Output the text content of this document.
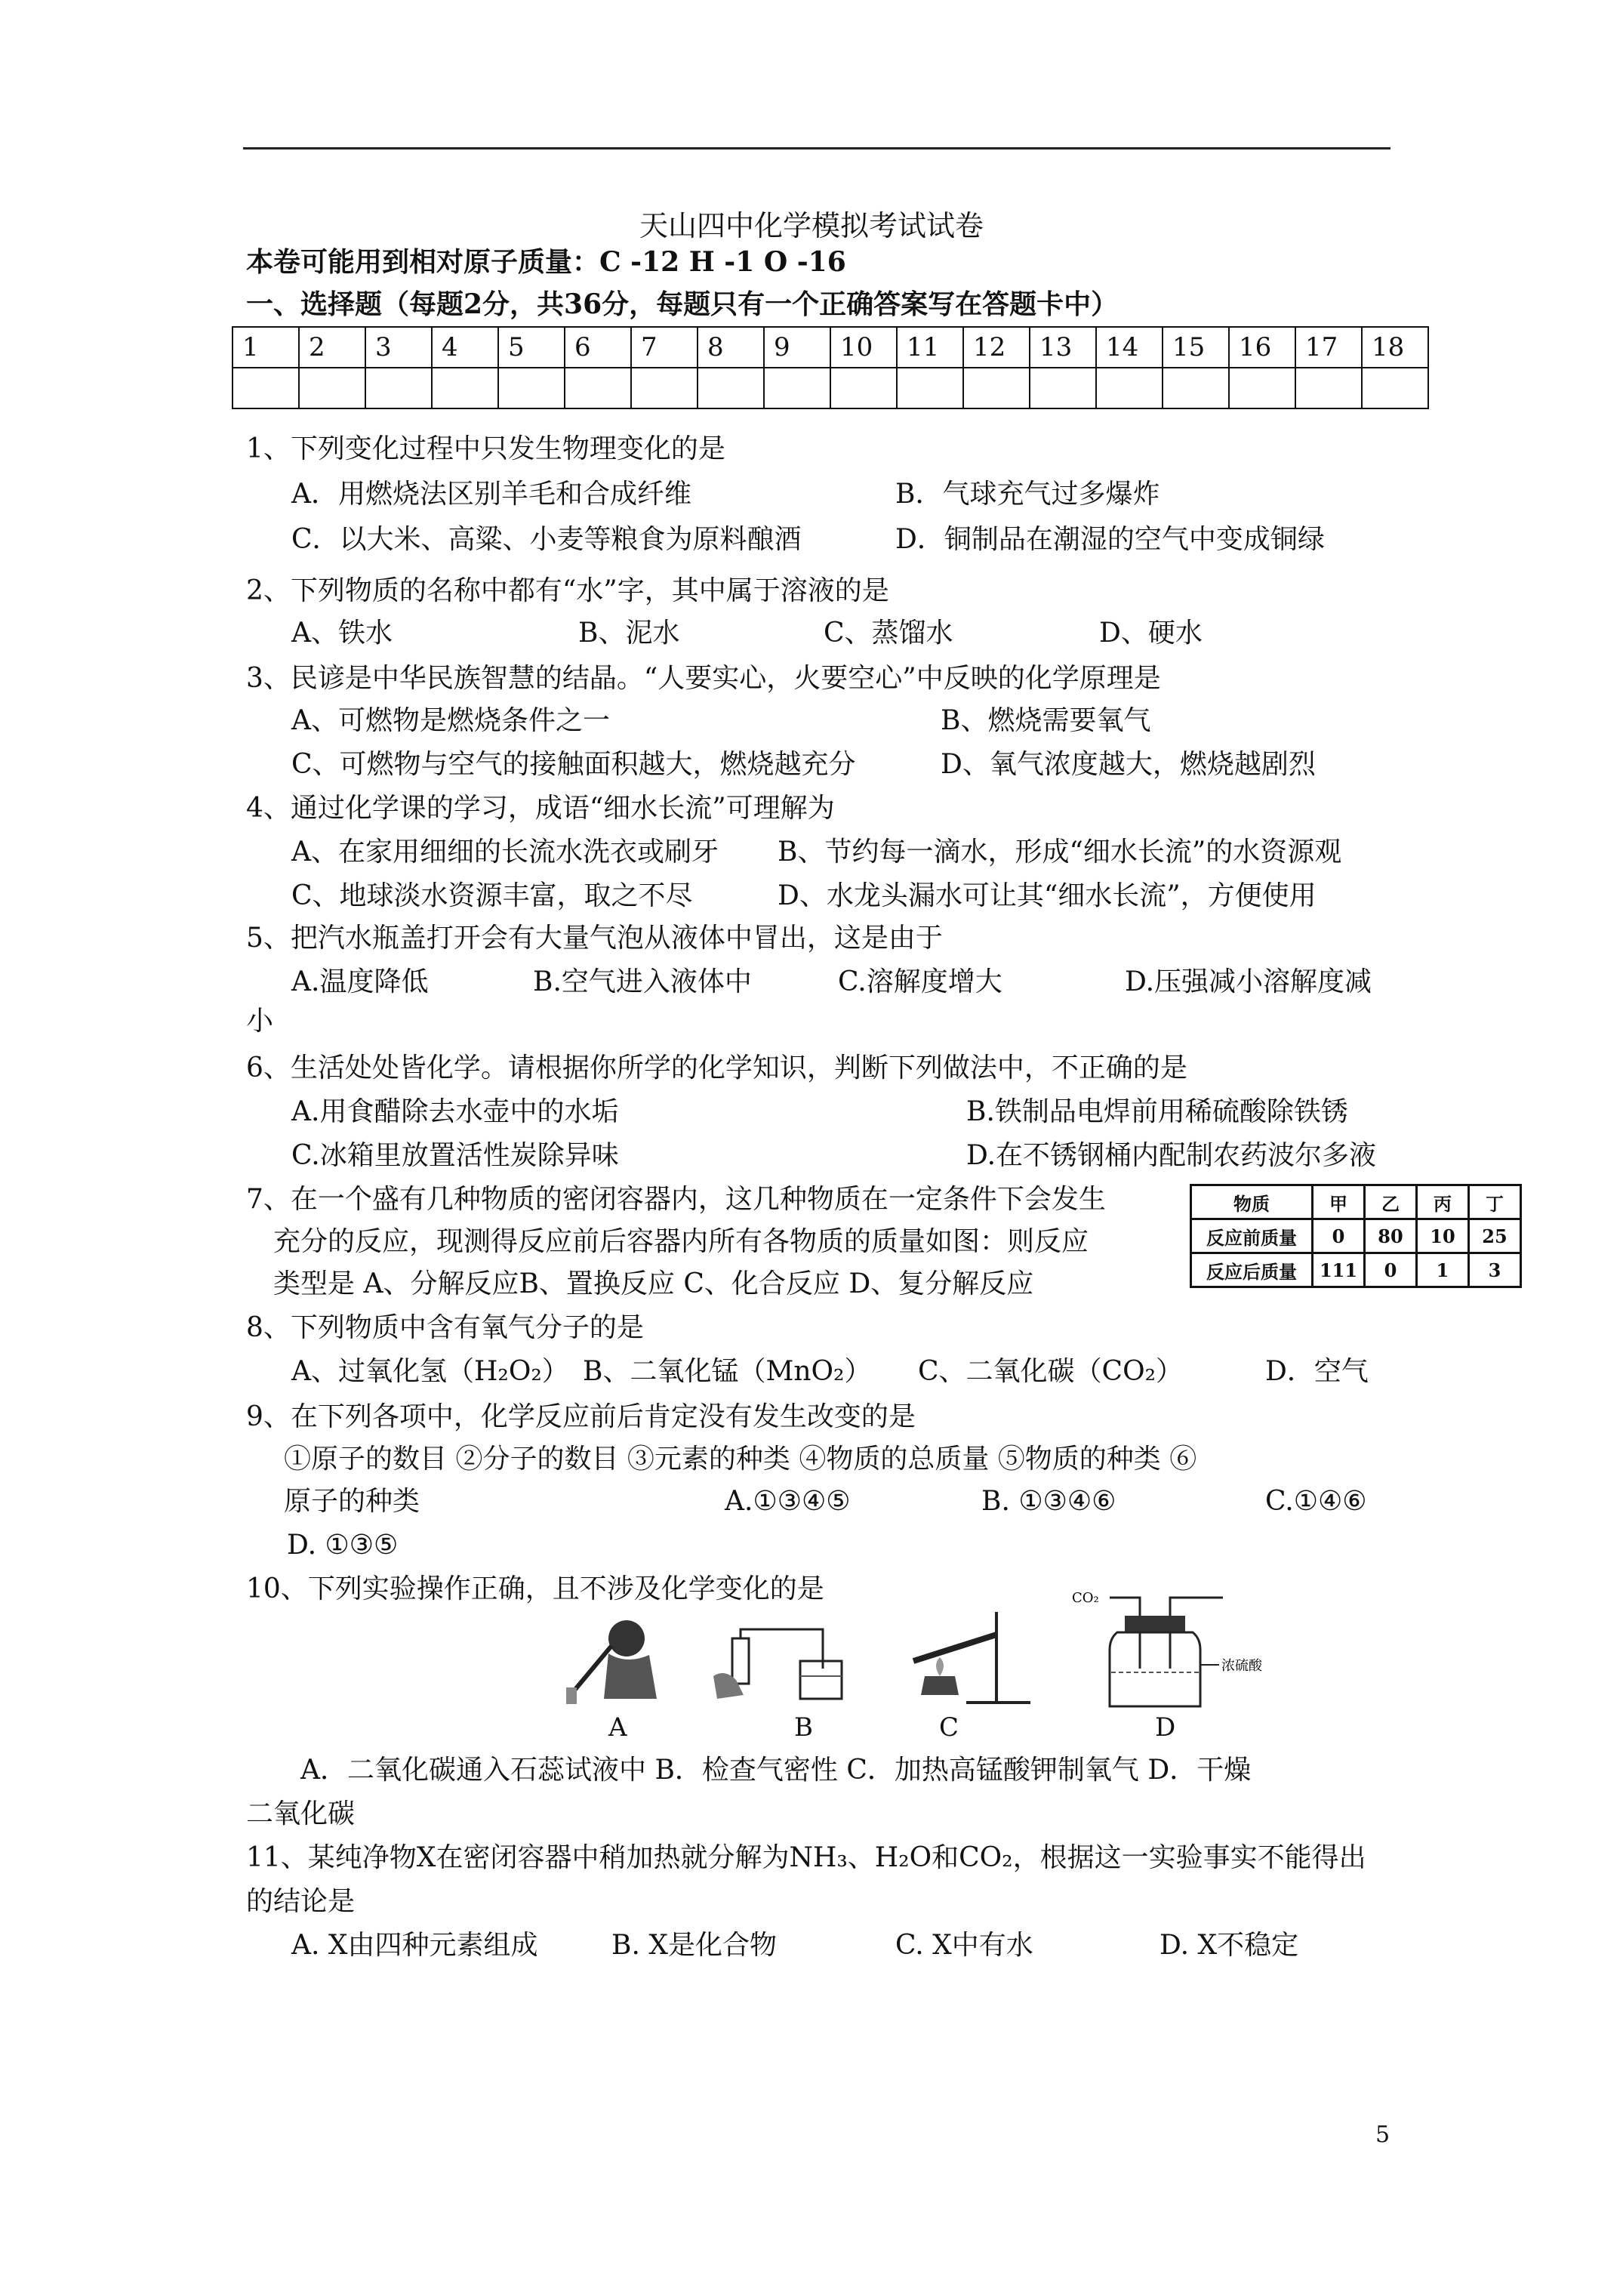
天山四中化学模拟考试试卷
本卷可能用到相对原子质量：C -12 H -1 O -16
一、选择题（每题2分，共36分，每题只有一个正确答案写在答题卡中）
1	2	3	4	5	6	7	8	9	10	11	12	13	14	15	16	17	18

1、下列变化过程中只发生物理变化的是
A．用燃烧法区别羊毛和合成纤维	B．气球充气过多爆炸
C．以大米、高粱、小麦等粮食为原料酿酒	D．铜制品在潮湿的空气中变成铜绿
2、下列物质的名称中都有“水”字，其中属于溶液的是
A、铁水	B、泥水	C、蒸馏水	D、硬水
3、民谚是中华民族智慧的结晶。“人要实心，火要空心”中反映的化学原理是
A、可燃物是燃烧条件之一	B、燃烧需要氧气
C、可燃物与空气的接触面积越大，燃烧越充分	D、氧气浓度越大，燃烧越剧烈
4、通过化学课的学习，成语“细水长流”可理解为
A、在家用细细的长流水洗衣或刷牙 B、节约每一滴水，形成“细水长流”的水资源观
C、地球淡水资源丰富，取之不尽	D、水龙头漏水可让其“细水长流”，方便使用
5、把汽水瓶盖打开会有大量气泡从液体中冒出，这是由于
A.温度降低	B.空气进入液体中	C.溶解度增大	D.压强减小溶解度减
小
6、生活处处皆化学。请根据你所学的化学知识，判断下列做法中，不正确的是
A.用食醋除去水壶中的水垢	B.铁制品电焊前用稀硫酸除铁锈
C.冰箱里放置活性炭除异味	D.在不锈钢桶内配制农药波尔多液
7、在一个盛有几种物质的密闭容器内，这几种物质在一定条件下会发生
充分的反应，现测得反应前后容器内所有各物质的质量如图：则反应
类型是 A、分解反应B、置换反应 C、化合反应 D、复分解反应
物质	甲	乙	丙	丁
反应前质量	0	80	10	25
反应后质量	111	0	1	3
8、下列物质中含有氧气分子的是
A、过氧化氢（H₂O₂） B、二氧化锰（MnO₂） C、二氧化碳（CO₂）	D．空气
9、在下列各项中，化学反应前后肯定没有发生改变的是
①原子的数目 ②分子的数目 ③元素的种类 ④物质的总质量 ⑤物质的种类 ⑥
原子的种类	A.①③④⑤	B. ①③④⑥	C.①④⑥
D. ①③⑤
10、下列实验操作正确，且不涉及化学变化的是	CO₂
浓硫酸
A	B	C	D
A．二氧化碳通入石蕊试液中 B．检查气密性 C．加热高锰酸钾制氧气 D．干燥
二氧化碳
11、某纯净物X在密闭容器中稍加热就分解为NH₃、H₂O和CO₂，根据这一实验事实不能得出
的结论是
A. X由四种元素组成	B. X是化合物	C. X中有水	D. X不稳定
5
